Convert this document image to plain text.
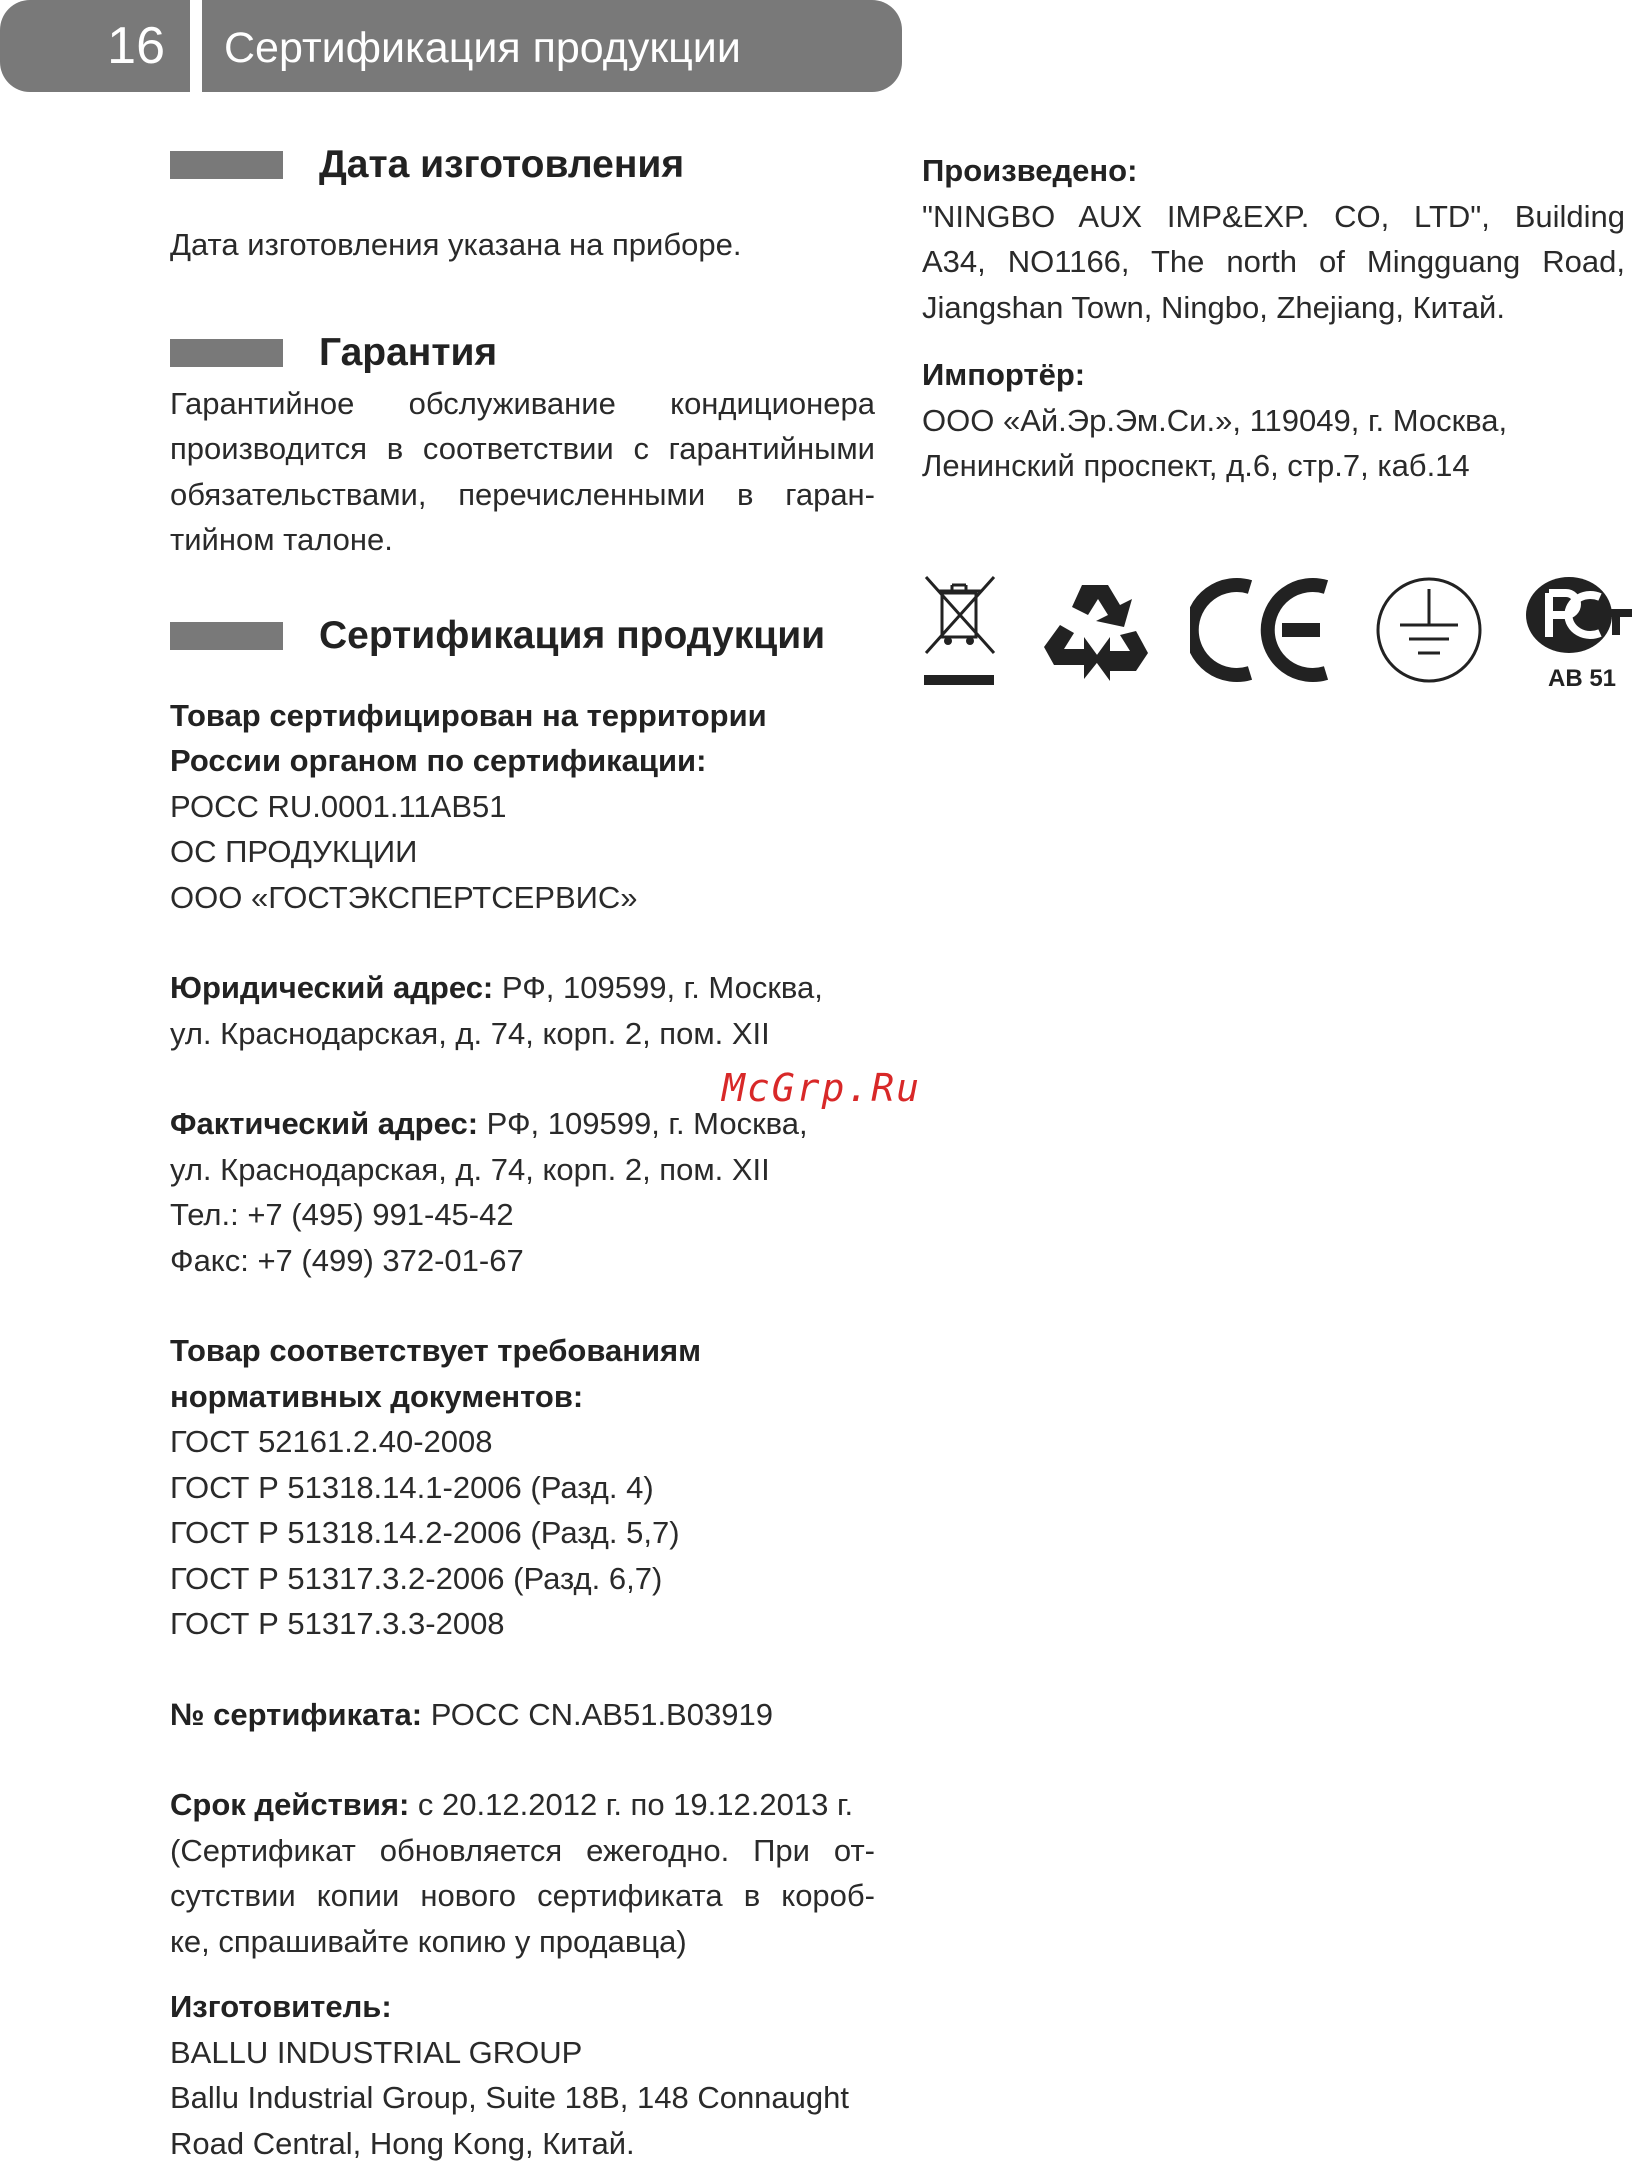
16	Сертификация продукции
Дата изготовления

Дата изготовления указана на приборе.

Гарантия

Гарантийное обслуживание кондиционера

производится в соответствии с гарантийными

обязательствами, перечисленными в гаран-

тийном талоне.

Сертификация продукции

Товар сертифицирован на территории

России органом по сертификации:

РОСС RU.0001.11АВ51

ОС ПРОДУКЦИИ

ООО «ГОСТЭКСПЕРТСЕРВИС»

Юридический адрес: РФ, 109599, г. Москва,

ул. Краснодарская, д. 74, корп. 2, пом. XII

Фактический адрес: РФ, 109599, г. Москва,

ул. Краснодарская, д. 74, корп. 2, пом. XII

Тел.: +7 (495) 991-45-42

Факс: +7 (499) 372-01-67

Товар соответствует требованиям

нормативных документов:

ГОСТ 52161.2.40-2008

ГОСТ Р 51318.14.1-2006 (Разд. 4)

ГОСТ Р 51318.14.2-2006 (Разд. 5,7)

ГОСТ Р 51317.3.2-2006 (Разд. 6,7)

ГОСТ Р 51317.3.3-2008

№ сертификата: РОСС CN.AB51.B03919

Срок действия: с 20.12.2012 г. по 19.12.2013 г.

(Сертификат обновляется ежегодно. При от-

сутствии копии нового сертификата в короб-

ке, спрашивайте копию у продавца)

Изготовитель:

BALLU INDUSTRIAL GROUP

Ballu Industrial Group, Suite 18B, 148 Connaught

Road Central, Hong Kong, Китай.

Произведено:

"NINGBO AUX IMP&EXP. CO, LTD", Building

A34, NO1166, The north of Mingguang Road,

Jiangshan Town, Ningbo, Zhejiang, Китай.

Импортёр:

ООО «Ай.Эр.Эм.Си.», 119049, г. Москва,

Ленинский проспект, д.6, стр.7, каб.14

AB 51
McGrp.Ru
